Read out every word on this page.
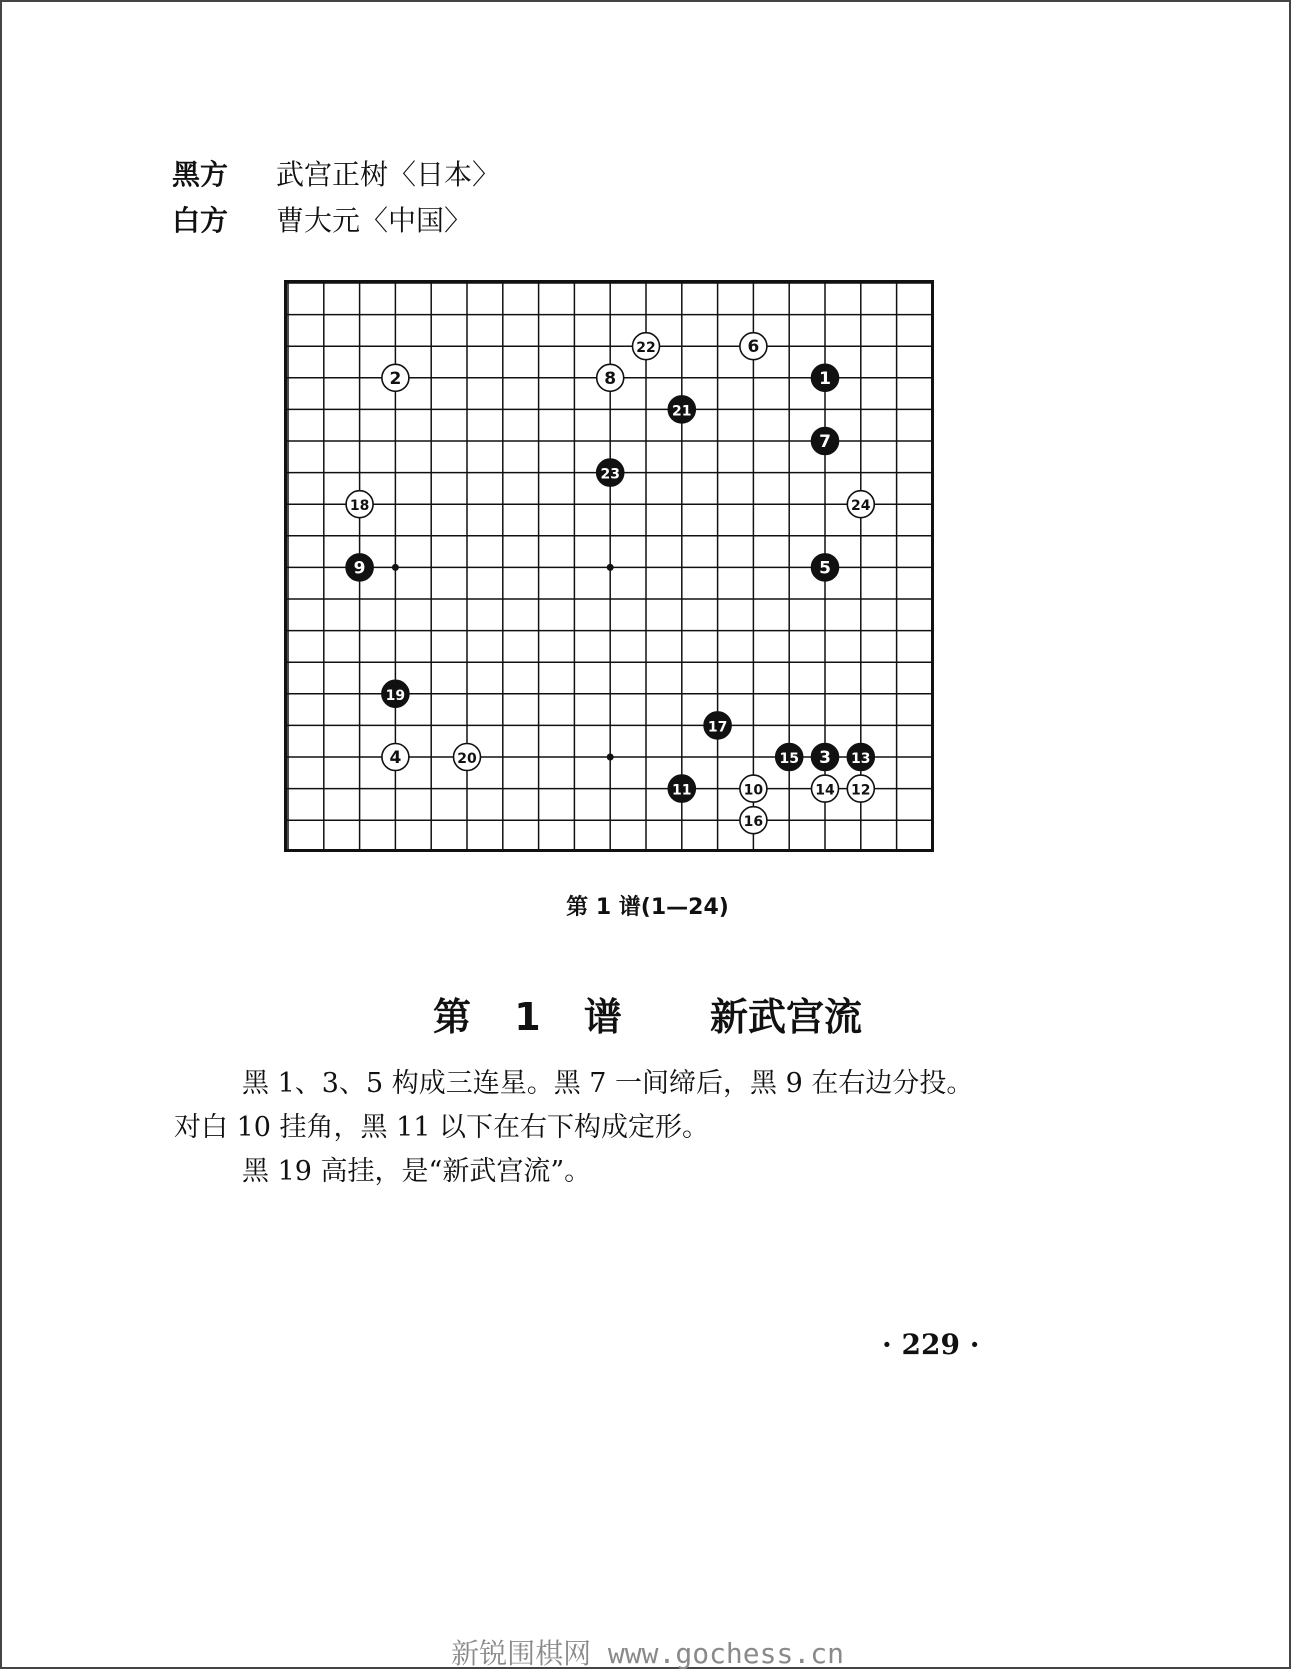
黑方	武宫正树〈日本〉
白方	曹大元〈中国〉
1
2
3
4
5
6
7
8
9
10
11	12
13
14
15
16
17
18
19
20
21
22
23
24
第 1 谱(1—24)
第 1 谱 新武宫流

黑 1、3、5 构成三连星。黑 7 一间缔后，黑 9 在右边分投。

对白 10 挂角，黑 11 以下在右下构成定形。

黑 19 高挂，是“新武宫流”。

· 229 ·
新锐围棋网 www.gochess.cn
